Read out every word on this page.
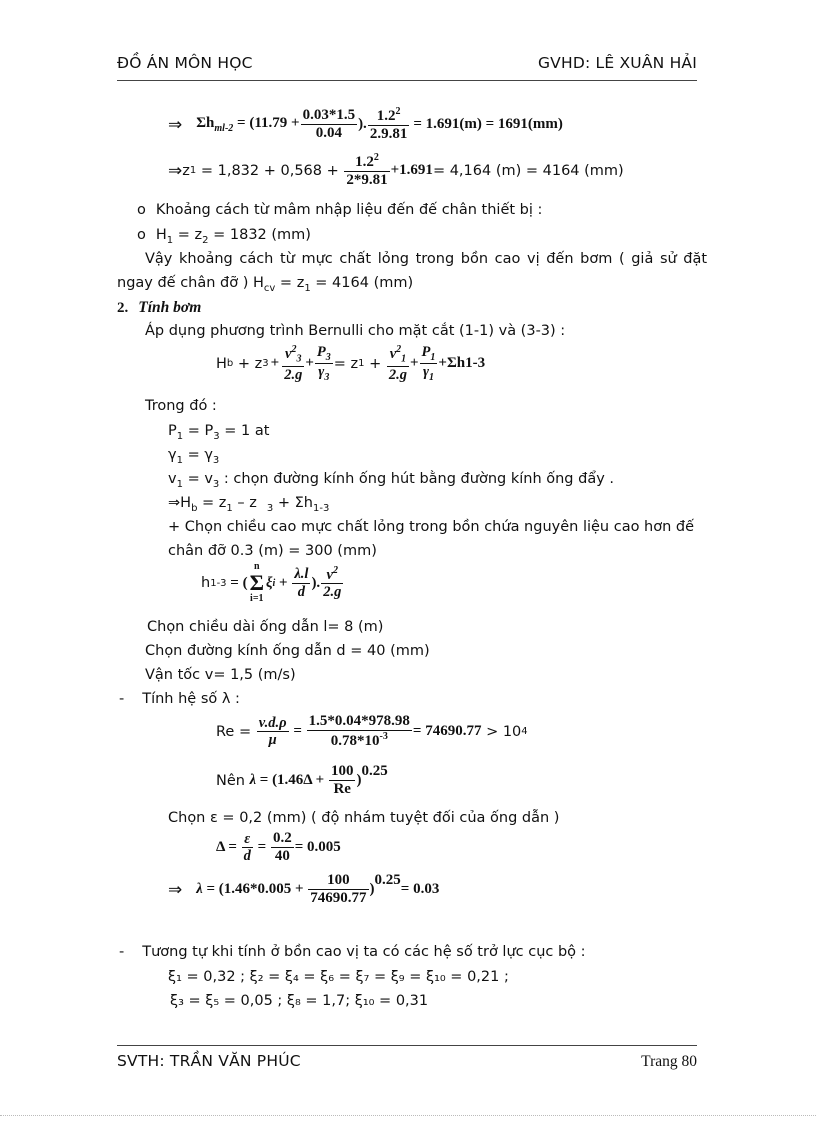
ĐỒ ÁN MÔN HỌC	GVHD: LÊ XUÂN HẢI
⇒ $\Sigma h_{ml-2} = (11.79 + \frac{0.03*1.5}{0.04}$ ). $\frac{1.2^2}{2.9.81} = 1.691(m) = 1691(mm)$
⇒ z $1 = 1,832 + 0,568 + \frac{1.2^2}{2*9.81} +1.691 = 4,164$ (m) = 4164 (mm)
o Khoảng cách từ mâm nhập liệu đến đế chân thiết bị :
o $H_1 = z_2 = 1832$ (mm)
Vậy khoảng cách từ mực chất lỏng trong bồn cao vị đến bơm ( giả sử đặt
ngay đế chân đỡ ) $H_{cv} = z_1 = 4164$ (mm)
2. Tính bơm
Áp dụng phương trình Bernulli cho mặt cắt (1-1) và (3-3) :
H b + z $3 + \frac{v^2_3}{2.g} + \frac{P_3}{\gamma_3} = z$ $1 + \frac{v^2_1}{2.g} + \frac{P_1}{\gamma_1} +\Sigma h$ 1-3
Trong đó :
$P_1 = P_3 = 1$ at
$\gamma_1 = \gamma_3$
$v_1 = v_3$ : chọn đường kính ống hút bằng đường kính ống đẩy .
$\Rightarrow H_b = z_1 - z$ $_3 + \Sigma h_{1-3}$
+ Chọn chiều cao mực chất lỏng trong bồn chứa nguyên liệu cao hơn đế
chân đỡ 0.3 (m) = 300 (mm)
h 1-3 = (
n
Σ
i=1
ξ $i + \frac{\lambda.l}{d}$ ). $\frac{v^2}{2.g}$
Chọn chiều dài ống dẫn l= 8 (m)
Chọn đường kính ống dẫn d = 40 (mm)
Vận tốc v= 1,5 (m/s)
- Tính hệ số λ :
$Re = \frac{v.d.\rho}{\mu} = \frac{1.5*0.04*978.98}{0.78*10^{-3}} = 74690.77 > 10$ 4
Nên $\lambda = (1.46\Delta + \frac{100}{Re}$ )
0.25
Chọn ε = 0,2 (mm) ( độ nhám tuyệt đối của ống dẫn )
$\Delta = \frac{\varepsilon}{d} = \frac{0.2}{40} = 0.005$
⇒ $\lambda = (1.46*0.005 + \frac{100}{74690.77}$ )
0.25
= 0.03
- Tương tự khi tính ở bồn cao vị ta có các hệ số trở lực cục bộ :
ξ₁ = 0,32 ; ξ₂ = ξ₄ = ξ₆ = ξ₇ = ξ₉ = ξ₁₀ = 0,21 ;
ξ₃ = ξ₅ = 0,05 ; ξ₈ = 1,7; ξ₁₀ = 0,31
SVTH: TRẦN VĂN PHÚC	Trang 80
